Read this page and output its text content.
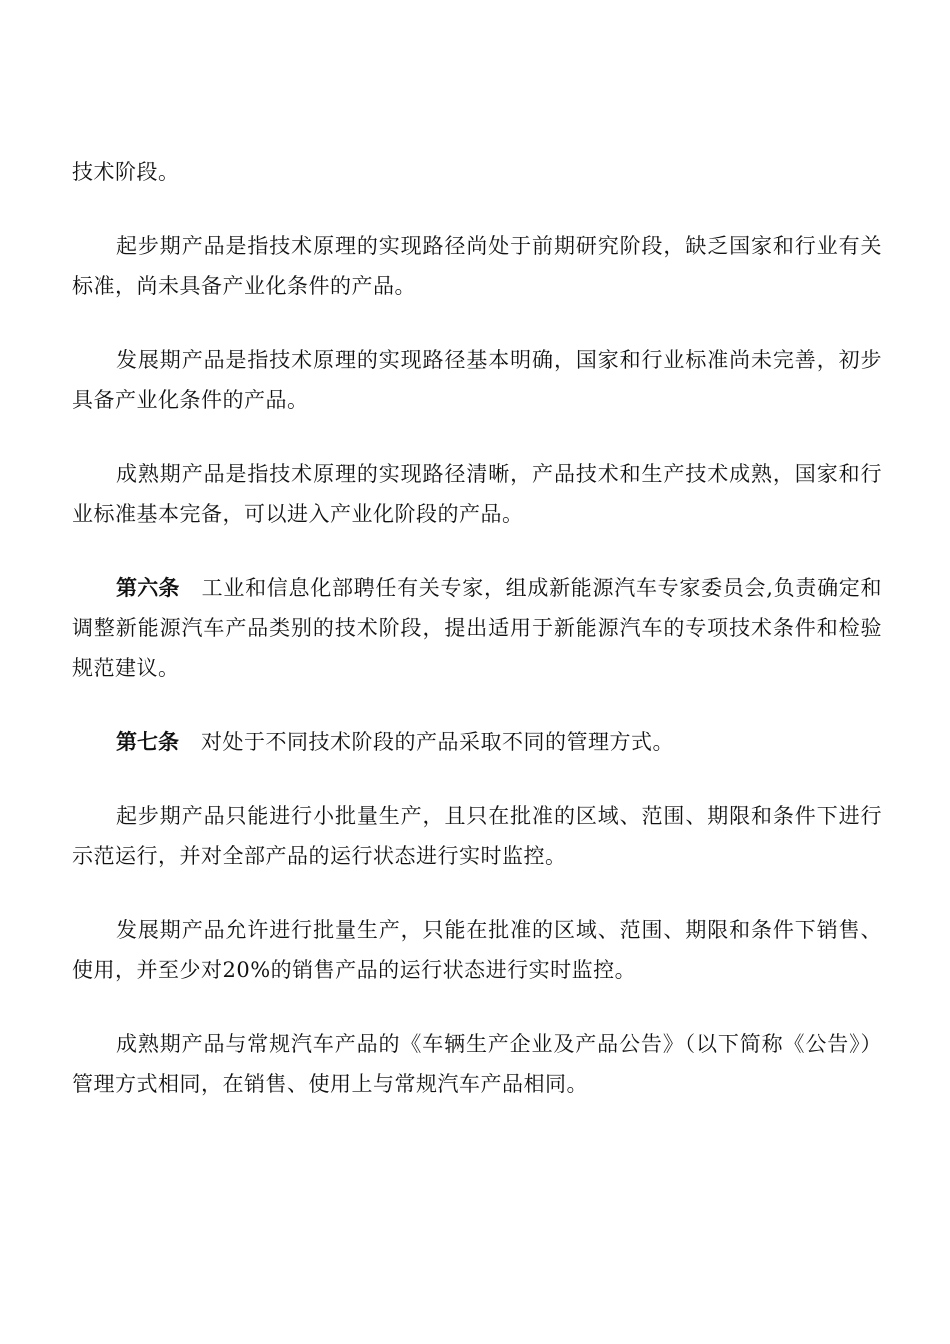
技术阶段。

起步期产品是指技术原理的实现路径尚处于前期研究阶段，缺乏国家和行业有关标准，尚未具备产业化条件的产品。

发展期产品是指技术原理的实现路径基本明确，国家和行业标准尚未完善，初步具备产业化条件的产品。

成熟期产品是指技术原理的实现路径清晰，产品技术和生产技术成熟，国家和行业标准基本完备，可以进入产业化阶段的产品。

第六条 工业和信息化部聘任有关专家，组成新能源汽车专家委员会,负责确定和调整新能源汽车产品类别的技术阶段，提出适用于新能源汽车的专项技术条件和检验规范建议。

第七条 对处于不同技术阶段的产品采取不同的管理方式。

起步期产品只能进行小批量生产，且只在批准的区域、范围、期限和条件下进行示范运行，并对全部产品的运行状态进行实时监控。

发展期产品允许进行批量生产，只能在批准的区域、范围、期限和条件下销售、使用，并至少对20%的销售产品的运行状态进行实时监控。

成熟期产品与常规汽车产品的《车辆生产企业及产品公告》（以下简称《公告》）管理方式相同，在销售、使用上与常规汽车产品相同。
